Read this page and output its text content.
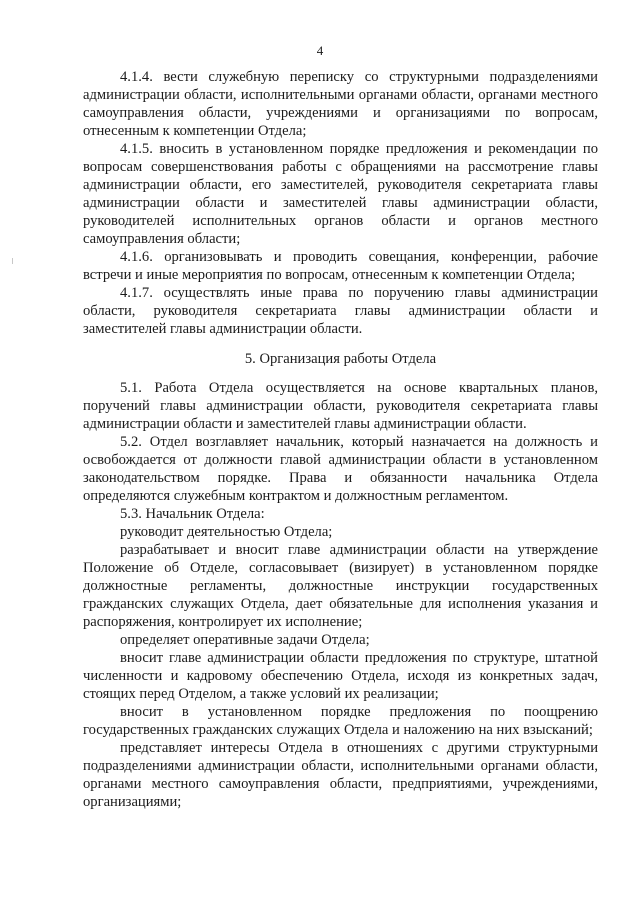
4

4.1.4. вести служебную переписку со структурными подразделениями администрации области, исполнительными органами области, органами местного самоуправления области, учреждениями и организациями по вопросам, отнесенным к компетенции Отдела;

4.1.5. вносить в установленном порядке предложения и рекомендации по вопросам совершенствования работы с обращениями на рассмотрение главы администрации области, его заместителей, руководителя секретариата главы администрации области и заместителей главы администрации области, руководителей исполнительных органов области и органов местного самоуправления области;

4.1.6. организовывать и проводить совещания, конференции, рабочие встречи и иные мероприятия по вопросам, отнесенным к компетенции Отдела;

4.1.7. осуществлять иные права по поручению главы администрации области, руководителя секретариата главы администрации области и заместителей главы администрации области.

5. Организация работы Отдела

5.1. Работа Отдела осуществляется на основе квартальных планов, поручений главы администрации области, руководителя секретариата главы администрации области и заместителей главы администрации области.

5.2. Отдел возглавляет начальник, который назначается на должность и освобождается от должности главой администрации области в установленном законодательством порядке. Права и обязанности начальника Отдела определяются служебным контрактом и должностным регламентом.

5.3. Начальник Отдела:

руководит деятельностью Отдела;

разрабатывает и вносит главе администрации области на утверждение Положение об Отделе, согласовывает (визирует) в установленном порядке должностные регламенты, должностные инструкции государственных гражданских служащих Отдела, дает обязательные для исполнения указания и распоряжения, контролирует их исполнение;

определяет оперативные задачи Отдела;

вносит главе администрации области предложения по структуре, штатной численности и кадровому обеспечению Отдела, исходя из конкретных задач, стоящих перед Отделом, а также условий их реализации;

вносит в установленном порядке предложения по поощрению государственных гражданских служащих Отдела и наложению на них взысканий;

представляет интересы Отдела в отношениях с другими структурными подразделениями администрации области, исполнительными органами области, органами местного самоуправления области, предприятиями, учреждениями, организациями;
